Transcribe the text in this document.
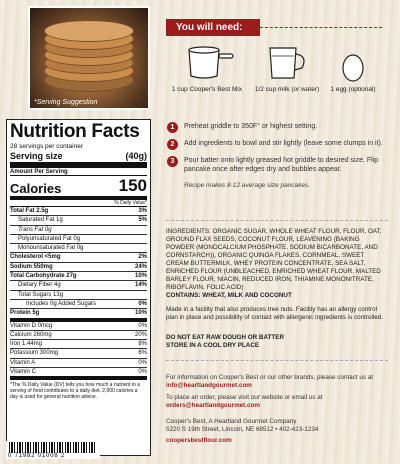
*Serving Suggestion
Nutrition Facts
28 servings per container
Serving size	(40g)
Amount Per Serving
Calories	150
% Daily Value*
Total Fat 2.5g	3%
Saturated Fat 1g	5%
Trans Fat 0g
Polyunsaturated Fat 0g
Monounsaturated Fat 0g
Cholesterol <5mg	2%
Sodium 550mg	24%
Total Carbohydrate 27g	10%
Dietary Fiber 4g	14%
Total Sugars 13g
Includes 0g Added Sugars	0%
Protein 5g	10%
Vitamin D 0mcg	0%
Calcium 260mg	20%
Iron 1.44mg	8%
Potassium 300mg	6%
Vitamin A	0%
Vitamin C	0%
*The % Daily Value (DV) tells you how much a nutrient in a serving of food contributes to a daily diet. 2,000 calories a day is used for general nutrition advice.
0 71982 01008 2
You will need:
1 cup Cooper's Best Mix	1/2 cup milk (or water)	1 egg (optional)
1	Preheat griddle to 350F° or highest setting.
2	Add ingredients to bowl and stir lightly (leave some clumps in it).
3	Pour batter onto lightly greased hot griddle to desired size. Flip pancake once after edges dry and bubbles appear.
Recipe makes 8-12 average size pancakes.
INGREDIENTS: ORGANIC SUGAR, WHOLE WHEAT FLOUR, FLOUR, OAT, GROUND FLAX SEEDS, COCONUT FLOUR, LEAVENING (BAKING POWDER (MONOCALCIUM PHOSPHATE, SODIUM BICARBONATE, AND CORNSTARCH)), ORGANIC QUINOA FLAKES, CORNMEAL, SWEET CREAM BUTTERMILK, WHEY PROTEIN CONCENTRATE, SEA SALT, ENRICHED FLOUR (UNBLEACHED, ENRICHED WHEAT FLOUR, MALTED BARLEY FLOUR, NIACIN, REDUCED IRON, THIAMINE MONONITRATE, RIBOFLAVIN, FOLIC ACID)
CONTAINS: WHEAT, MILK AND COCONUT
Made in a facility that also produces tree nuts. Facility has an allergy control plan in place and possibility of contact with allergenic ingredients is controlled.
DO NOT EAT RAW DOUGH OR BATTER
STORE IN A COOL DRY PLACE
For information on Cooper's Best or our other brands, please contact us at info@heartlandgourmet.com
To place an order, please visit our website or email us at orders@heartlandgourmet.com
Cooper's Best, A Heartland Gourmet Company
5220 S 19th Street, Lincoln, NE 68512 • 402-423-1234
coopersbestflour.com
